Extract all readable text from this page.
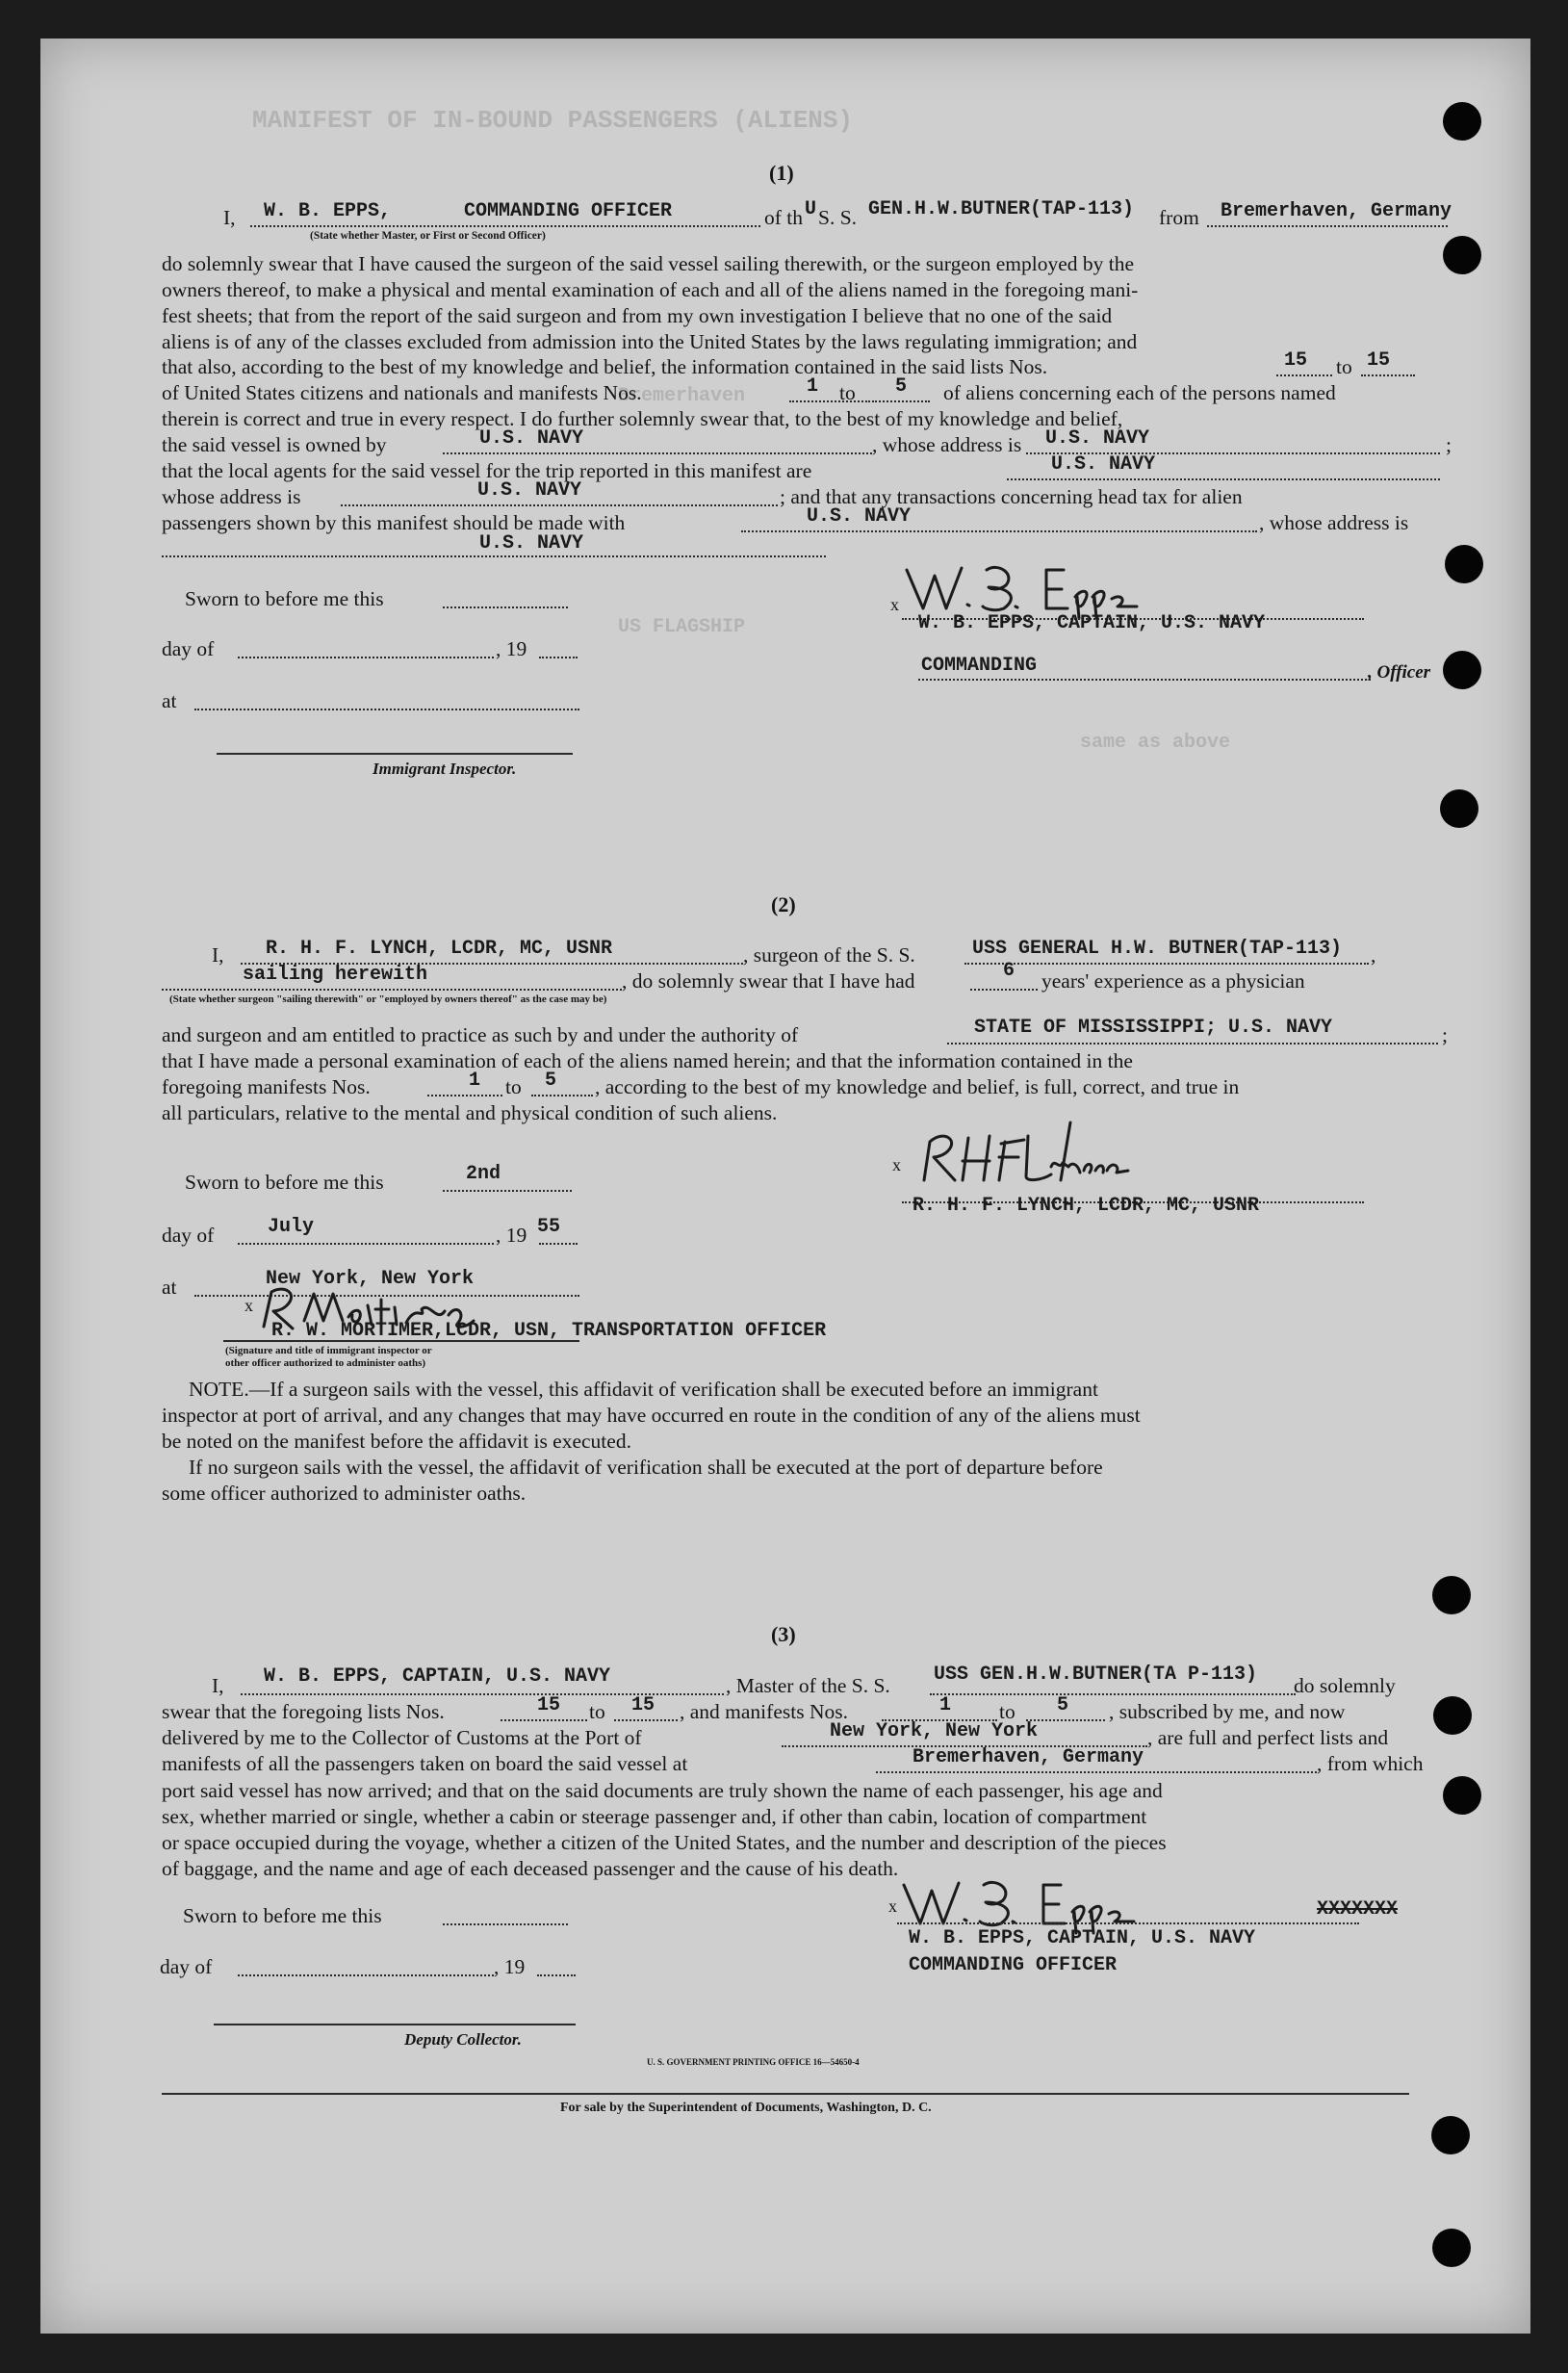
MANIFEST OF IN-BOUND PASSENGERS (ALIENS)
Bremerhaven
US FLAGSHIP
same as above
(1)
I, W. B. EPPS,	COMMANDING OFFICER	of th U S. S. GEN.H.W.BUTNER(TAP-113) from Bremerhaven, Germany
(State whether Master, or First or Second Officer)
do solemnly swear that I have caused the surgeon of the said vessel sailing therewith, or the surgeon employed by the
owners thereof, to make a physical and mental examination of each and all of the aliens named in the foregoing mani-
fest sheets; that from the report of the said surgeon and from my own investigation I believe that no one of the said
aliens is of any of the classes excluded from admission into the United States by the laws regulating immigration; and
that also, according to the best of my knowledge and belief, the information contained in the said lists Nos.	15 to 15
of United States citizens and nationals and manifests Nos.	1 to 5 of aliens concerning each of the persons named
therein is correct and true in every respect. I do further solemnly swear that, to the best of my knowledge and belief,
the said vessel is owned by	U.S. NAVY	, whose address is U.S. NAVY	;
that the local agents for the said vessel for the trip reported in this manifest are	U.S. NAVY
whose address is	U.S. NAVY	; and that any transactions concerning head tax for alien
passengers shown by this manifest should be made with	U.S. NAVY	, whose address is
U.S. NAVY
Sworn to before me this
day of	, 19
at
Immigrant Inspector.
x
W. B. EPPS, CAPTAIN, U.S. NAVY
COMMANDING	, Officer
(2)
I, R. H. F. LYNCH, LCDR, MC, USNR	, surgeon of the S. S.	USS GENERAL H.W. BUTNER(TAP-113) ,
sailing herewith	, do solemnly swear that I have had	6 years' experience as a physician
(State whether surgeon "sailing therewith" or "employed by owners thereof" as the case may be)
and surgeon and am entitled to practice as such by and under the authority of	STATE OF MISSISSIPPI; U.S. NAVY	;
that I have made a personal examination of each of the aliens named herein; and that the information contained in the
foregoing manifests Nos.	1 to 5 , according to the best of my knowledge and belief, is full, correct, and true in
all particulars, relative to the mental and physical condition of such aliens.
Sworn to before me this	2nd
day of	July	, 19 55
at	New York, New York
x
R. W. MORTIMER,LCDR, USN, TRANSPORTATION OFFICER
(Signature and title of immigrant inspector or
other officer authorized to administer oaths)
x
R. H. F. LYNCH, LCDR, MC, USNR
NOTE.—If a surgeon sails with the vessel, this affidavit of verification shall be executed before an immigrant
inspector at port of arrival, and any changes that may have occurred en route in the condition of any of the aliens must
be noted on the manifest before the affidavit is executed.
If no surgeon sails with the vessel, the affidavit of verification shall be executed at the port of departure before
some officer authorized to administer oaths.
(3)
I, W. B. EPPS, CAPTAIN, U.S. NAVY	, Master of the S. S. USS GEN.H.W.BUTNER(TA P-113) do solemnly
swear that the foregoing lists Nos.	15 to 15 , and manifests Nos.	1 to 5 , subscribed by me, and now
delivered by me to the Collector of Customs at the Port of	New York, New York	, are full and perfect lists and
manifests of all the passengers taken on board the said vessel at	Bremerhaven, Germany	, from which
port said vessel has now arrived; and that on the said documents are truly shown the name of each passenger, his age and
sex, whether married or single, whether a cabin or steerage passenger and, if other than cabin, location of compartment
or space occupied during the voyage, whether a citizen of the United States, and the number and description of the pieces
of baggage, and the name and age of each deceased passenger and the cause of his death.
Sworn to before me this
day of	, 19
Deputy Collector.
x
W. B. EPPS, CAPTAIN, U.S. NAVY
COMMANDING OFFICER
XXXXXXX
U. S. GOVERNMENT PRINTING OFFICE 16—54650-4
For sale by the Superintendent of Documents, Washington, D. C.
